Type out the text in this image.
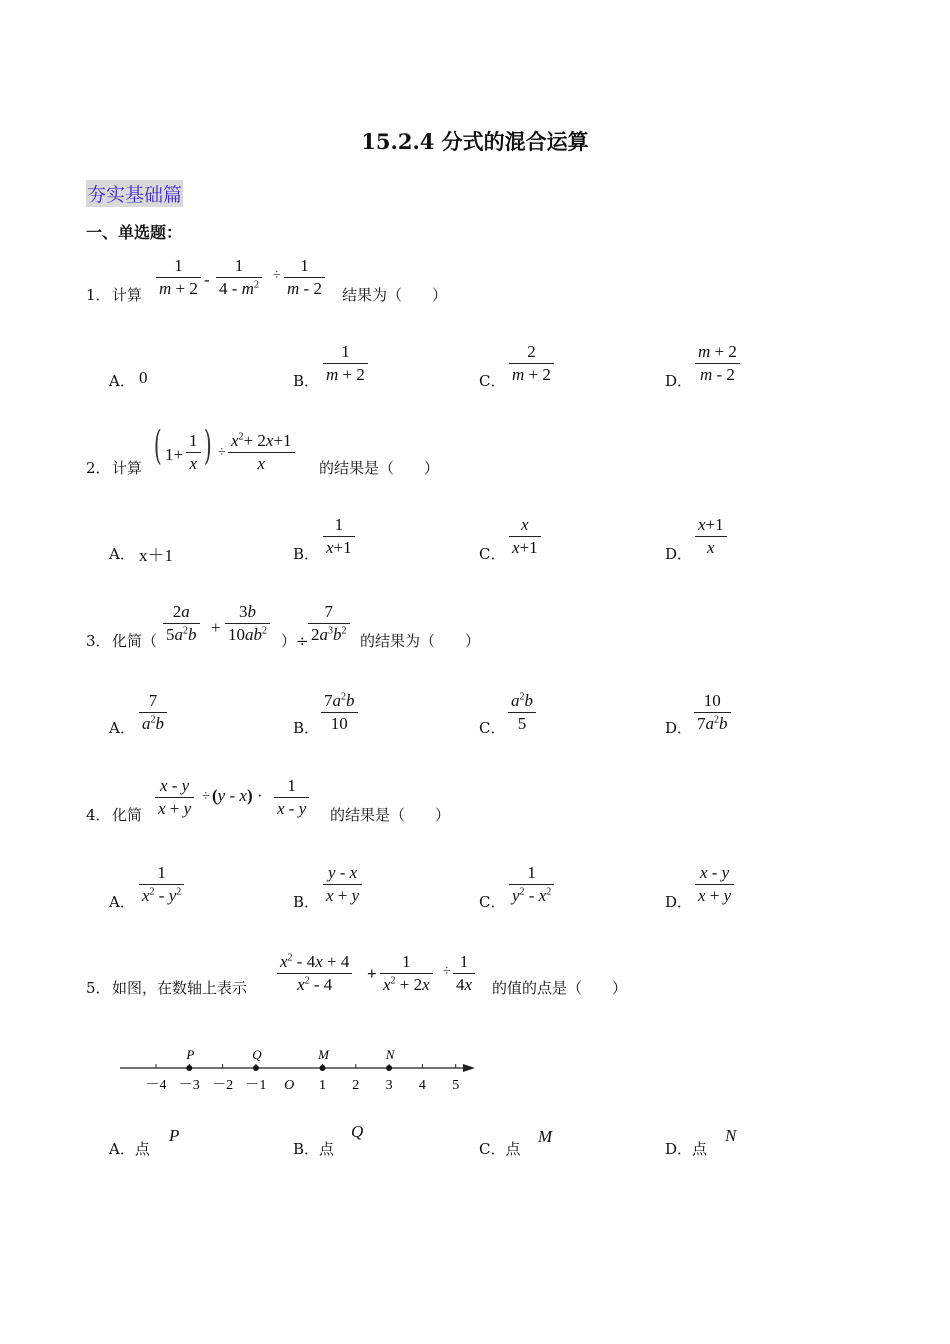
15.2.4 分式的混合运算
夯实基础篇
一、单选题：
1． 计算
1
m + 2 -
1
$4 - m^2$
÷
1
m - 2 结果为（　　）
A． 0	B．
1
m + 2	C．
2
m + 2	D．
m + 2
m - 2
2． 计算 ( 1+
1
x ) ÷
$x^2+ 2x+1$
x	的结果是（　　）
A． x＋1	B．
1
x+1	C．
x
x+1	D．
x+1
x
3． 化简（
2a
$5a^2b$ +
3b
$10ab^2$
）÷
7
$2a^3b^2$
的结果为（　　）
A．
7
$a^2b$	B．
$7a^2b$
10	C．
$a^2b$
5	D．
10
$7a^2b$
4． 化简
x - y
x + y
÷ (y - x) ·
1
x - y 的结果是（　　）
A．
1
$x^2 - y^2$
B．
y - x
x + y	C．
1
$y^2 - x^2$
D．
x - y
x + y
5． 如图，在数轴上表示
$x^2 - 4x + 4$
$x^2 - 4$
+
1
$x^2 + 2x$
÷
1
4x 的值的点是（　　）
－4 －3 －2 －1 O 1 2 3 4 5
P	Q	M	N
A．点
P
B．点
Q
C．点
M
D．点
N
